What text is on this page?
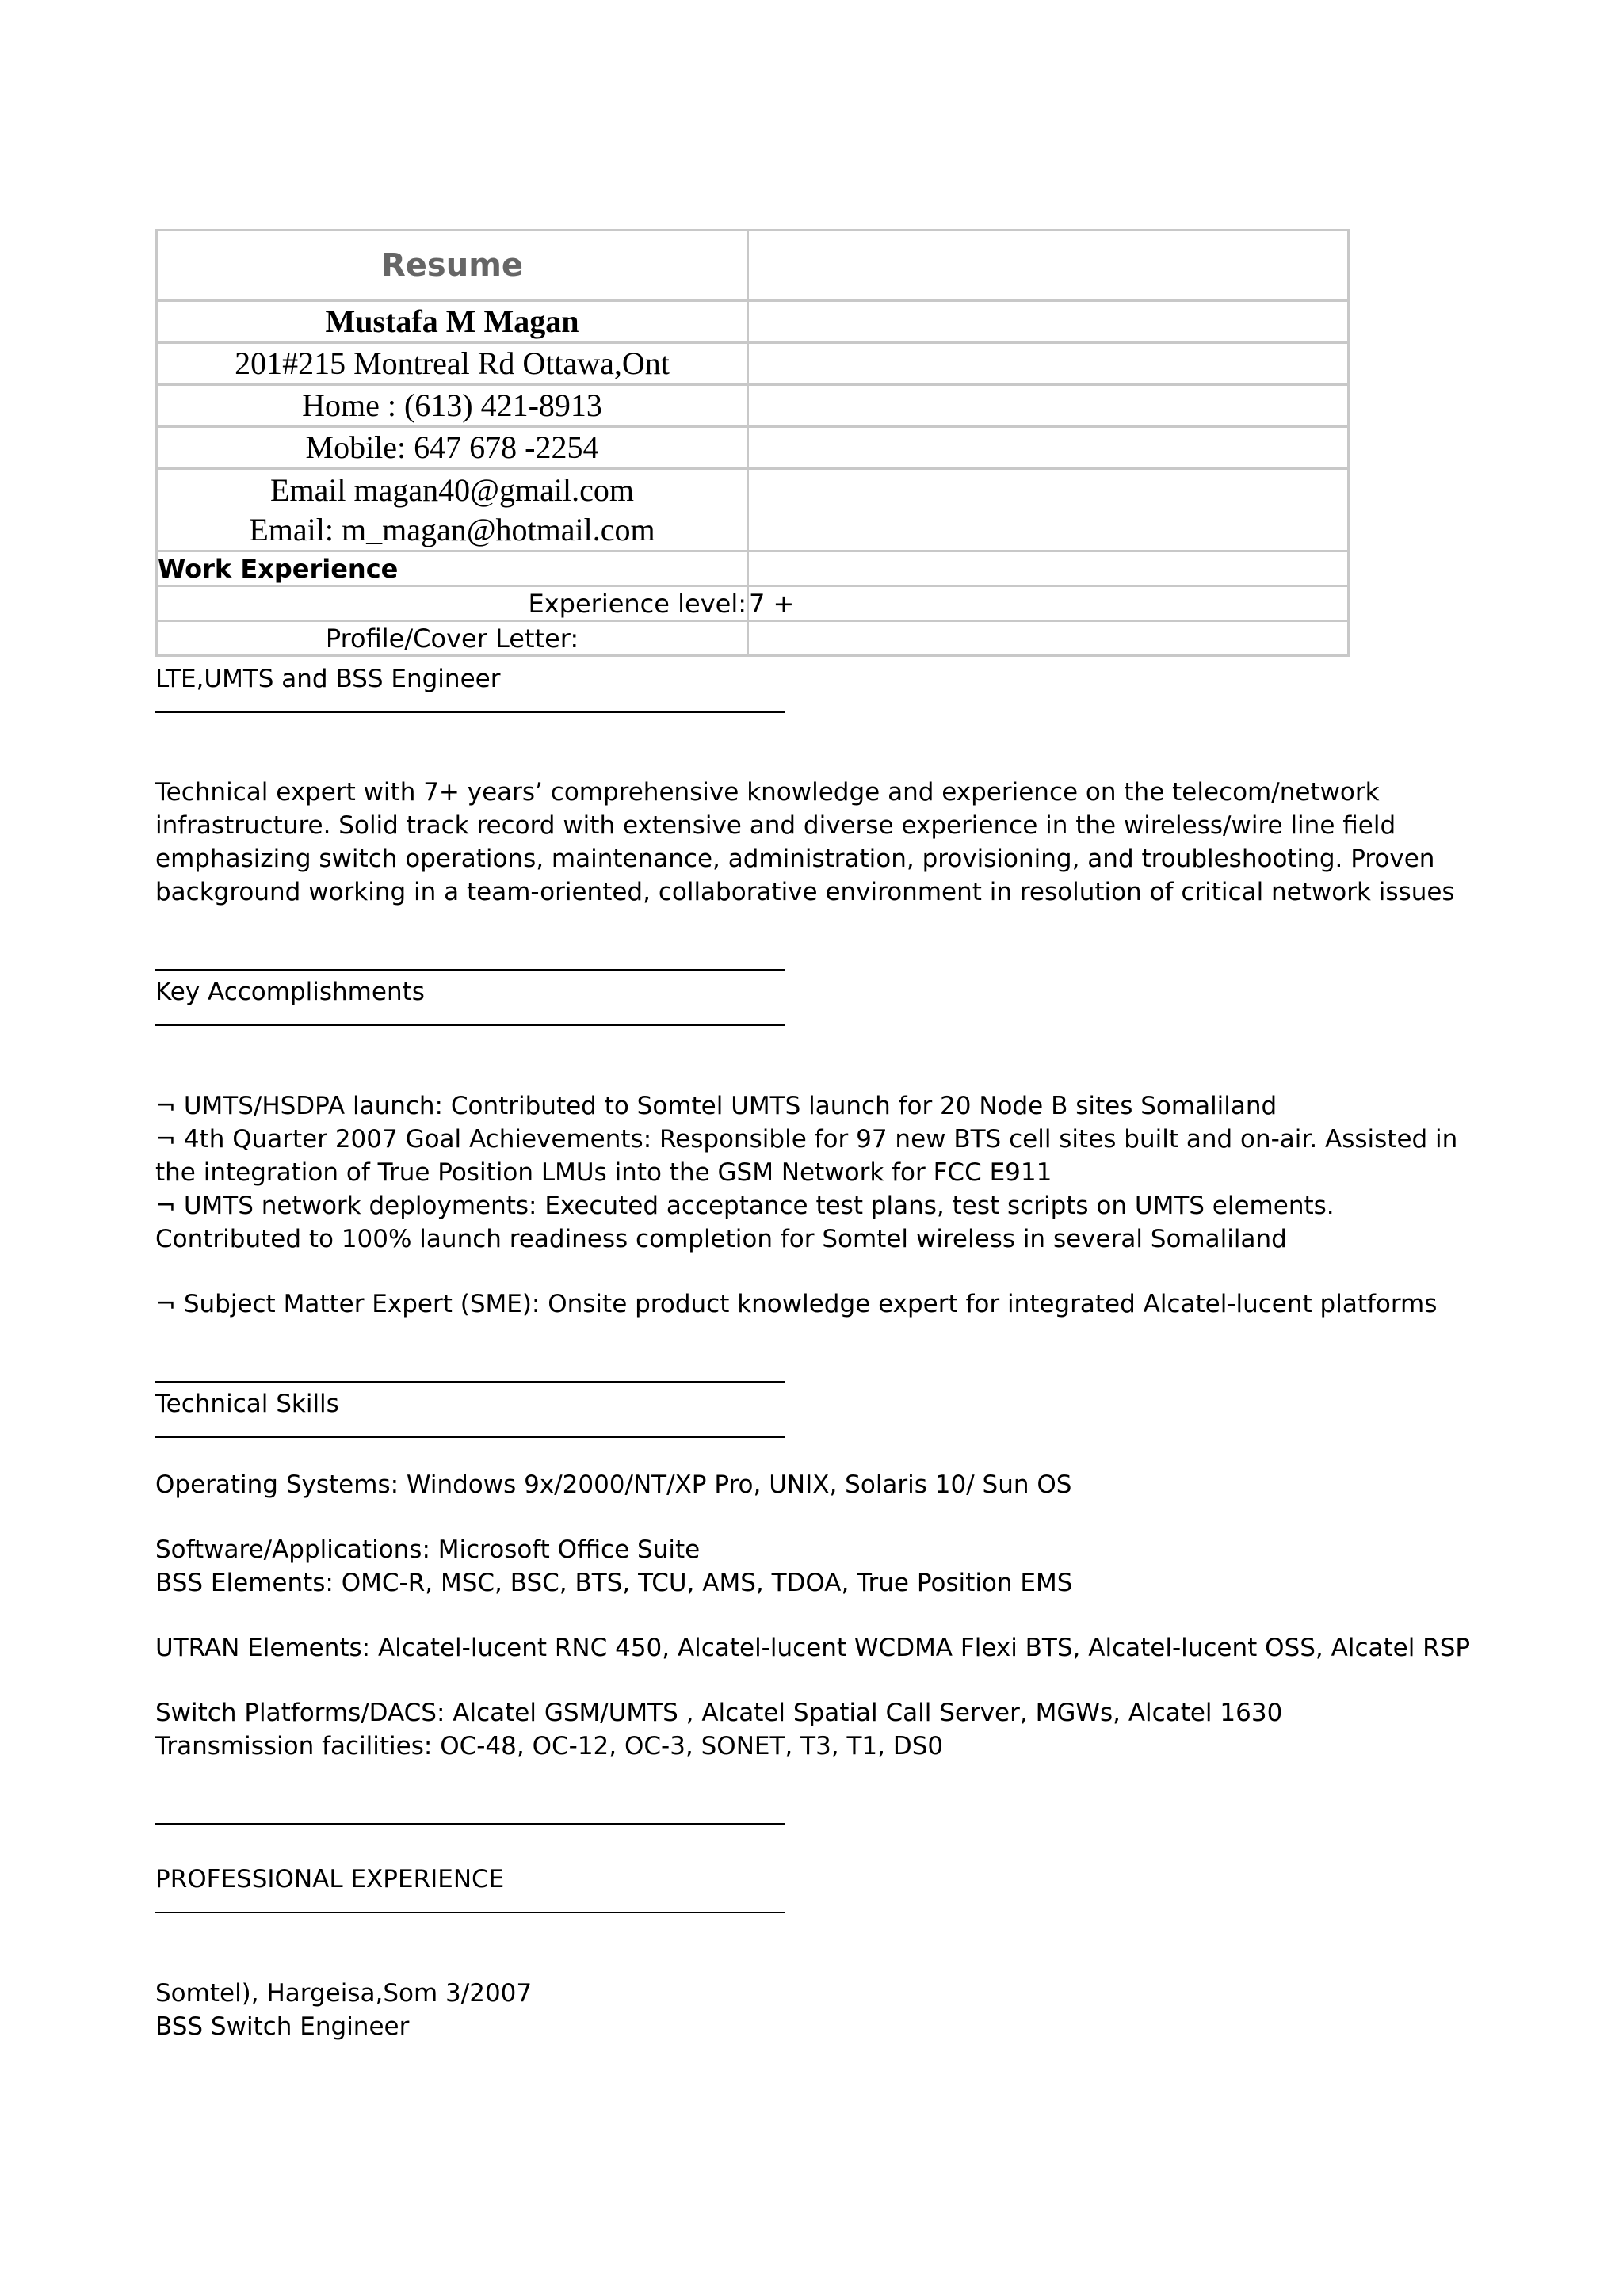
Resume	
Mustafa M Magan	
201#215 Montreal Rd Ottawa,Ont	
Home : (613) 421-8913	
Mobile: 647 678 -2254	

Email magan40@gmail.com
Email: m_magan@hotmail.com	

Work Experience	
Experience level:	7 +
Profile/Cover Letter:	

LTE,UMTS and BSS Engineer

Technical expert with 7+ years’ comprehensive knowledge and experience on the telecom/network infrastructure. Solid track record with extensive and diverse experience in the wireless/wire line field emphasizing switch operations, maintenance, administration, provisioning, and troubleshooting. Proven background working in a team-oriented, collaborative environment in resolution of critical network issues

Key Accomplishments

¬ UMTS/HSDPA launch: Contributed to Somtel UMTS launch for 20 Node B sites Somaliland

¬ 4th Quarter 2007 Goal Achievements: Responsible for 97 new BTS cell sites built and on-air. Assisted in the integration of True Position LMUs into the GSM Network for FCC E911

¬ UMTS network deployments: Executed acceptance test plans, test scripts on UMTS elements. Contributed to 100% launch readiness completion for Somtel wireless in several Somaliland

¬ Subject Matter Expert (SME): Onsite product knowledge expert for integrated Alcatel-lucent platforms

Technical Skills

Operating Systems: Windows 9x/2000/NT/XP Pro, UNIX, Solaris 10/ Sun OS

Software/Applications: Microsoft Office Suite

BSS Elements: OMC-R, MSC, BSC, BTS, TCU, AMS, TDOA, True Position EMS

UTRAN Elements: Alcatel-lucent RNC 450, Alcatel-lucent WCDMA Flexi BTS, Alcatel-lucent OSS, Alcatel RSP

Switch Platforms/DACS: Alcatel GSM/UMTS , Alcatel Spatial Call Server, MGWs, Alcatel 1630

Transmission facilities: OC-48, OC-12, OC-3, SONET, T3, T1, DS0

PROFESSIONAL EXPERIENCE

Somtel), Hargeisa,Som 3/2007

BSS Switch Engineer
